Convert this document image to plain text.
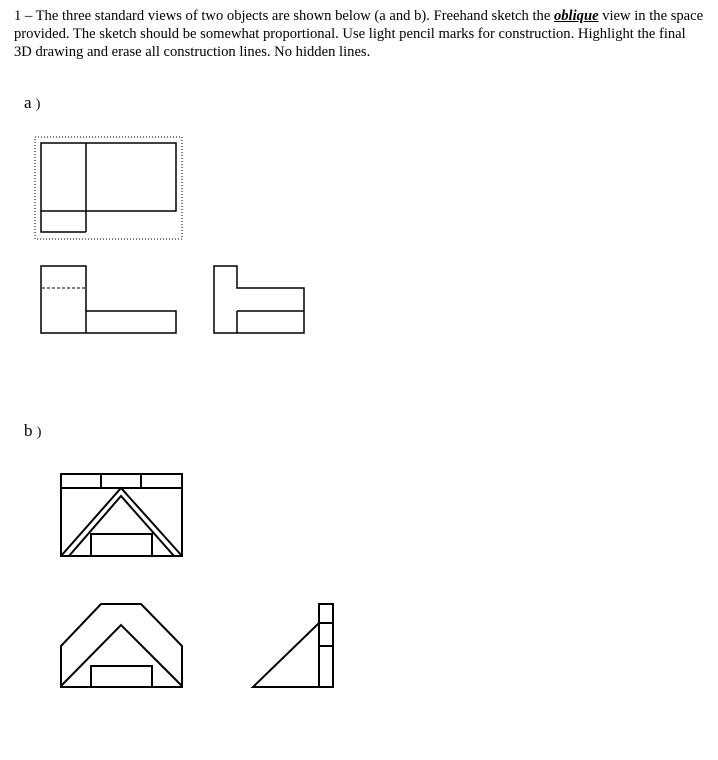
1 – The three standard views of two objects are shown below (a and b). Freehand sketch the oblique view in the space provided. The sketch should be somewhat proportional. Use light pencil marks for construction. Highlight the final 3D drawing and erase all construction lines. No hidden lines.

a )
b )
